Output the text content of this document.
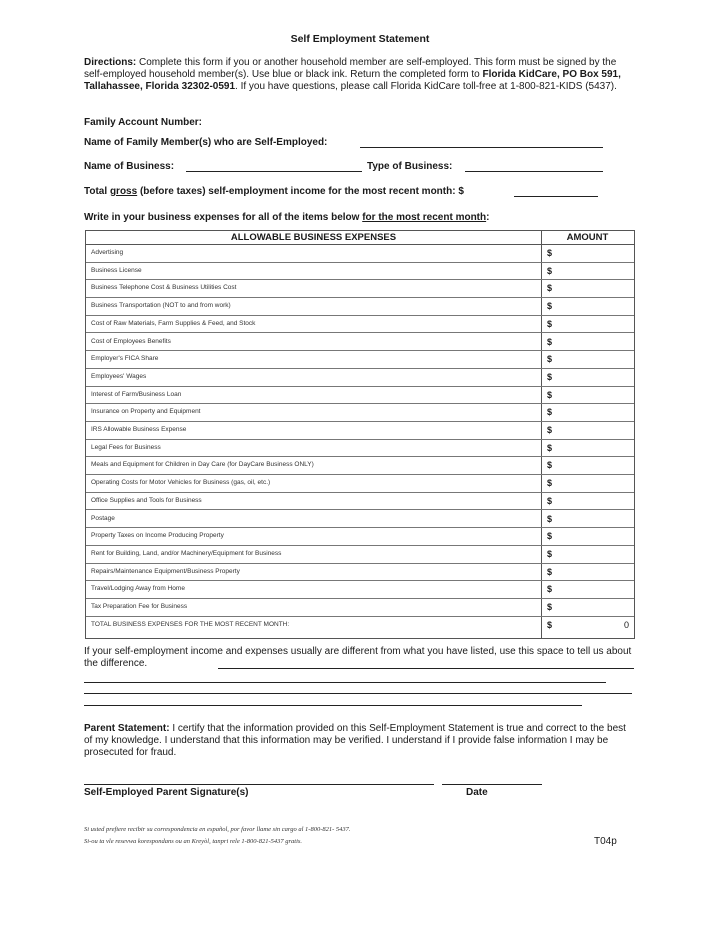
Self Employment Statement
Directions: Complete this form if you or another household member are self-employed. This form must be signed by the self-employed household member(s). Use blue or black ink. Return the completed form to Florida KidCare, PO Box 591, Tallahassee, Florida 32302-0591. If you have questions, please call Florida KidCare toll-free at 1-800-821-KIDS (5437).
Family Account Number:
Name of Family Member(s) who are Self-Employed:
Name of Business:	Type of Business:
Total gross (before taxes) self-employment income for the most recent month: $
Write in your business expenses for all of the items below for the most recent month:
ALLOWABLE BUSINESS EXPENSES	AMOUNT
Advertising	$
Business License	$
Business Telephone Cost & Business Utilities Cost	$
Business Transportation (NOT to and from work)	$
Cost of Raw Materials, Farm Supplies & Feed, and Stock	$
Cost of Employees Benefits	$
Employer's FICA Share	$
Employees' Wages	$
Interest of Farm/Business Loan	$
Insurance on Property and Equipment	$
IRS Allowable Business Expense	$
Legal Fees for Business	$
Meals and Equipment for Children in Day Care (for DayCare Business ONLY)	$
Operating Costs for Motor Vehicles for Business (gas, oil, etc.)	$
Office Supplies and Tools for Business	$
Postage	$
Property Taxes on Income Producing Property	$
Rent for Building, Land, and/or Machinery/Equipment for Business	$
Repairs/Maintenance Equipment/Business Property	$
Travel/Lodging Away from Home	$
Tax Preparation Fee for Business	$
TOTAL BUSINESS EXPENSES FOR THE MOST RECENT MONTH:	$	0
If your self-employment income and expenses usually are different from what you have listed, use this space to tell us about the difference.
Parent Statement: I certify that the information provided on this Self-Employment Statement is true and correct to the best of my knowledge. I understand that this information may be verified. I understand if I provide false information I may be prosecuted for fraud.
Self-Employed Parent Signature(s)	Date
Si usted prefiere recibir su correspondencia en español, por favor llame sin cargo al 1-800-821- 5437.
Si-ou ta vle resevwa korespondans ou an Kreyòl, tanpri rele 1-800-821-5437 gratis.	T04p
